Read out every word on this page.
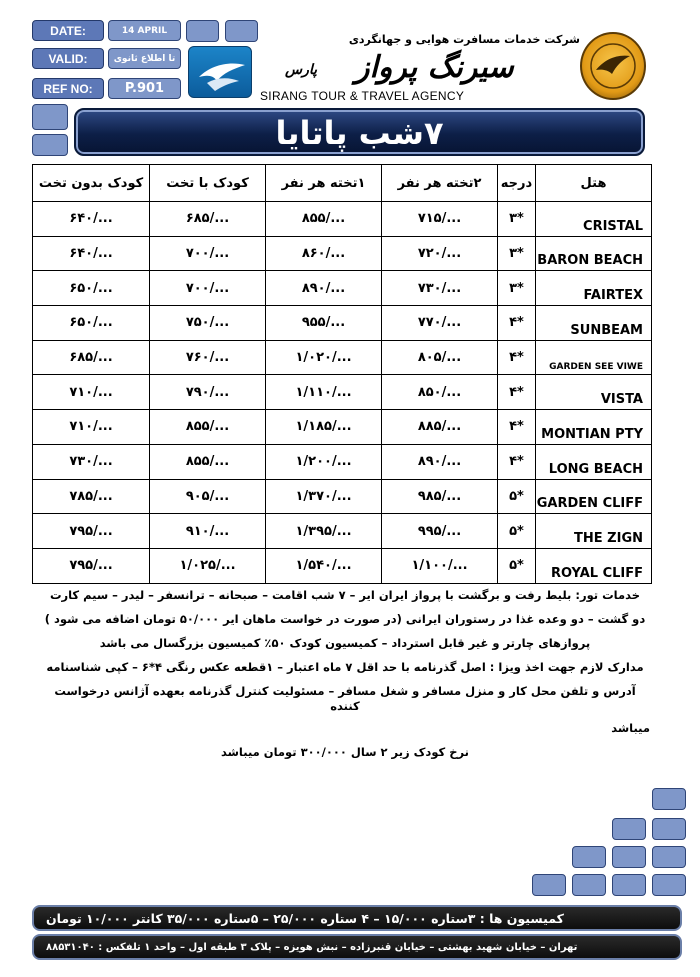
DATE:	14 APRIL
VALID:	تا اطلاع ثانوی
REF NO:	P.901
شرکت خدمات مسافرت هوایی و جهانگردی
سیرنگ پرواز
پارس
SIRANG TOUR & TRAVEL AGENCY
۷شب پاتایا
کودک بدون تخت	کودک با تخت	۱تخته هر نفر	۲تخته هر نفر	درجه	هتل
۶۴۰/...	۶۸۵/...	۸۵۵/...	۷۱۵/...	۳*	CRISTAL
۶۴۰/...	۷۰۰/...	۸۶۰/...	۷۲۰/...	۳*	BARON BEACH
۶۵۰/...	۷۰۰/...	۸۹۰/...	۷۳۰/...	۳*	FAIRTEX
۶۵۰/...	۷۵۰/...	۹۵۵/...	۷۷۰/...	۴*	SUNBEAM
۶۸۵/...	۷۶۰/...	۱/۰۲۰/...	۸۰۵/...	۴*	GARDEN SEE VIWE
۷۱۰/...	۷۹۰/...	۱/۱۱۰/...	۸۵۰/...	۴*	VISTA
۷۱۰/...	۸۵۵/...	۱/۱۸۵/...	۸۸۵/...	۴*	MONTIAN PTY
۷۳۰/...	۸۵۵/...	۱/۲۰۰/...	۸۹۰/...	۴*	LONG BEACH
۷۸۵/...	۹۰۵/...	۱/۳۷۰/...	۹۸۵/...	۵*	GARDEN CLIFF
۷۹۵/...	۹۱۰/...	۱/۳۹۵/...	۹۹۵/...	۵*	THE ZIGN
۷۹۵/...	۱/۰۲۵/...	۱/۵۴۰/...	۱/۱۰۰/...	۵*	ROYAL CLIFF

خدمات تور: بلیط رفت و برگشت با پرواز ایران ایر – ۷ شب اقامت – صبحانه – ترانسفر – لیدر – سیم کارت

دو گشت – دو وعده غذا در رستوران ایرانی (در صورت در خواست ماهان ایر ۵۰/۰۰۰ تومان اضافه می شود )

پروازهای چارتر و غیر قابل استرداد – کمیسیون کودک ۵۰٪ کمیسیون بزرگسال می باشد

مدارک لازم جهت اخذ ویزا : اصل گذرنامه با حد اقل ۷ ماه اعتبار – ۱قطعه عکس رنگی ۴*۶ – کپی شناسنامه

آدرس و تلفن محل کار و منزل مسافر و شغل مسافر – مسئولیت کنترل گذرنامه بعهده آژانس درخواست کننده

میباشد

نرخ کودک زیر ۲ سال ۳۰۰/۰۰۰ تومان میباشد

کمیسیون ها : ۳ستاره ۱۵/۰۰۰ – ۴ ستاره ۲۵/۰۰۰ – ۵ستاره ۳۵/۰۰۰ کانتر ۱۰/۰۰۰ تومان
تهران – خیابان شهید بهشتی – خیابان قنبرزاده – نبش هویزه – پلاک ۳ طبقه اول – واحد ۱ تلفکس : ۸۸۵۳۱۰۴۰
